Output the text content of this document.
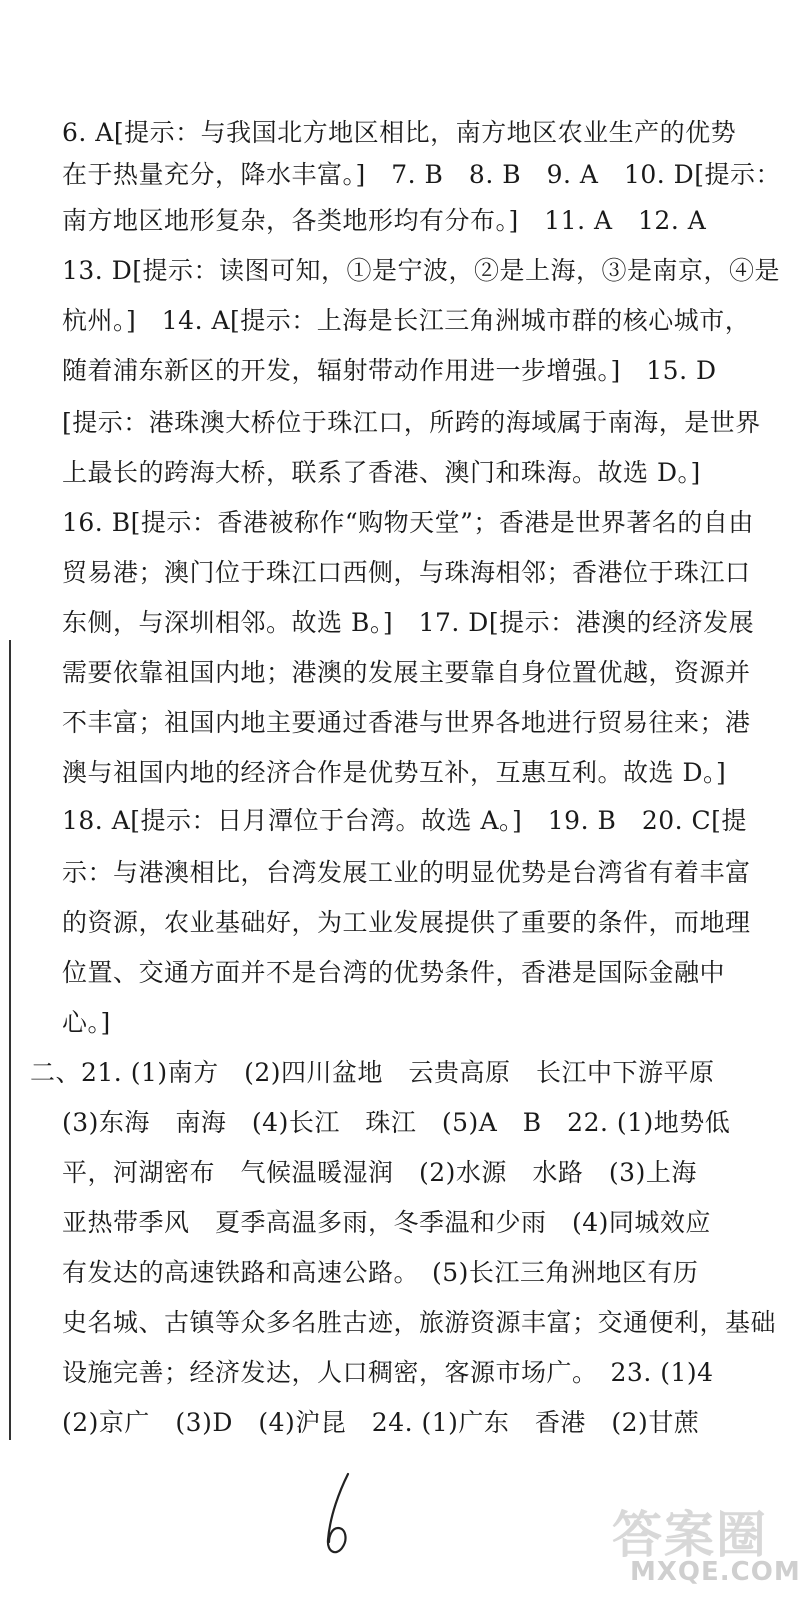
6. A[提示：与我国北方地区相比，南方地区农业生产的优势
在于热量充分，降水丰富。]　7. B　8. B　9. A　10. D[提示：
南方地区地形复杂，各类地形均有分布。]　11. A　12. A
13. D[提示：读图可知，①是宁波，②是上海，③是南京，④是
杭州。]　14. A[提示：上海是长江三角洲城市群的核心城市，
随着浦东新区的开发，辐射带动作用进一步增强。]　15. D
[提示：港珠澳大桥位于珠江口，所跨的海域属于南海，是世界
上最长的跨海大桥，联系了香港、澳门和珠海。故选 D。]
16. B[提示：香港被称作“购物天堂”；香港是世界著名的自由
贸易港；澳门位于珠江口西侧，与珠海相邻；香港位于珠江口
东侧，与深圳相邻。故选 B。]　17. D[提示：港澳的经济发展
需要依靠祖国内地；港澳的发展主要靠自身位置优越，资源并
不丰富；祖国内地主要通过香港与世界各地进行贸易往来；港
澳与祖国内地的经济合作是优势互补，互惠互利。故选 D。]
18. A[提示：日月潭位于台湾。故选 A。]　19. B　20. C[提
示：与港澳相比，台湾发展工业的明显优势是台湾省有着丰富
的资源，农业基础好，为工业发展提供了重要的条件，而地理
位置、交通方面并不是台湾的优势条件，香港是国际金融中
心。]
二、21. (1)南方　(2)四川盆地　云贵高原　长江中下游平原
(3)东海　南海　(4)长江　珠江　(5)A　B　22. (1)地势低
平，河湖密布　气候温暖湿润　(2)水源　水路　(3)上海
亚热带季风　夏季高温多雨，冬季温和少雨　(4)同城效应
有发达的高速铁路和高速公路。　(5)长江三角洲地区有历
史名城、古镇等众多名胜古迹，旅游资源丰富；交通便利，基础
设施完善；经济发达，人口稠密，客源市场广。　23. (1)4
(2)京广　(3)D　(4)沪昆　24. (1)广东　香港　(2)甘蔗
答案圈
MXQE.COM
